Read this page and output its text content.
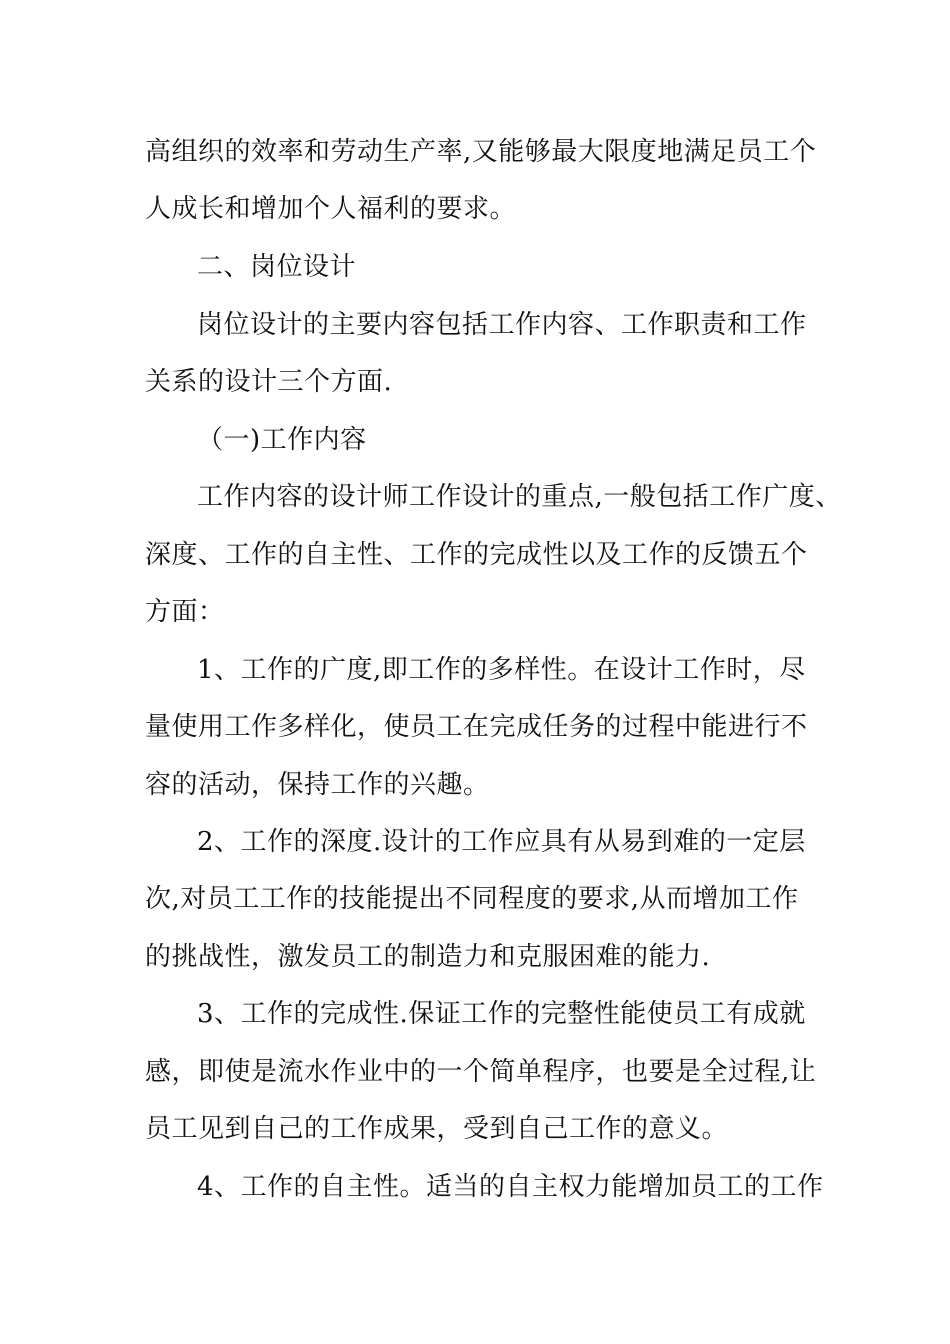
高组织的效率和劳动生产率,又能够最大限度地满足员工个
人成长和增加个人福利的要求。
二、岗位设计
岗位设计的主要内容包括工作内容、工作职责和工作
关系的设计三个方面.
（一)工作内容
工作内容的设计师工作设计的重点,一般包括工作广度、
深度、工作的自主性、工作的完成性以及工作的反馈五个
方面：
1、工作的广度,即工作的多样性。在设计工作时，尽
量使用工作多样化，使员工在完成任务的过程中能进行不
容的活动，保持工作的兴趣。
2、工作的深度.设计的工作应具有从易到难的一定层
次,对员工工作的技能提出不同程度的要求,从而增加工作
的挑战性，激发员工的制造力和克服困难的能力.
3、工作的完成性.保证工作的完整性能使员工有成就
感，即使是流水作业中的一个简单程序，也要是全过程,让
员工见到自己的工作成果，受到自己工作的意义。
4、工作的自主性。适当的自主权力能增加员工的工作
